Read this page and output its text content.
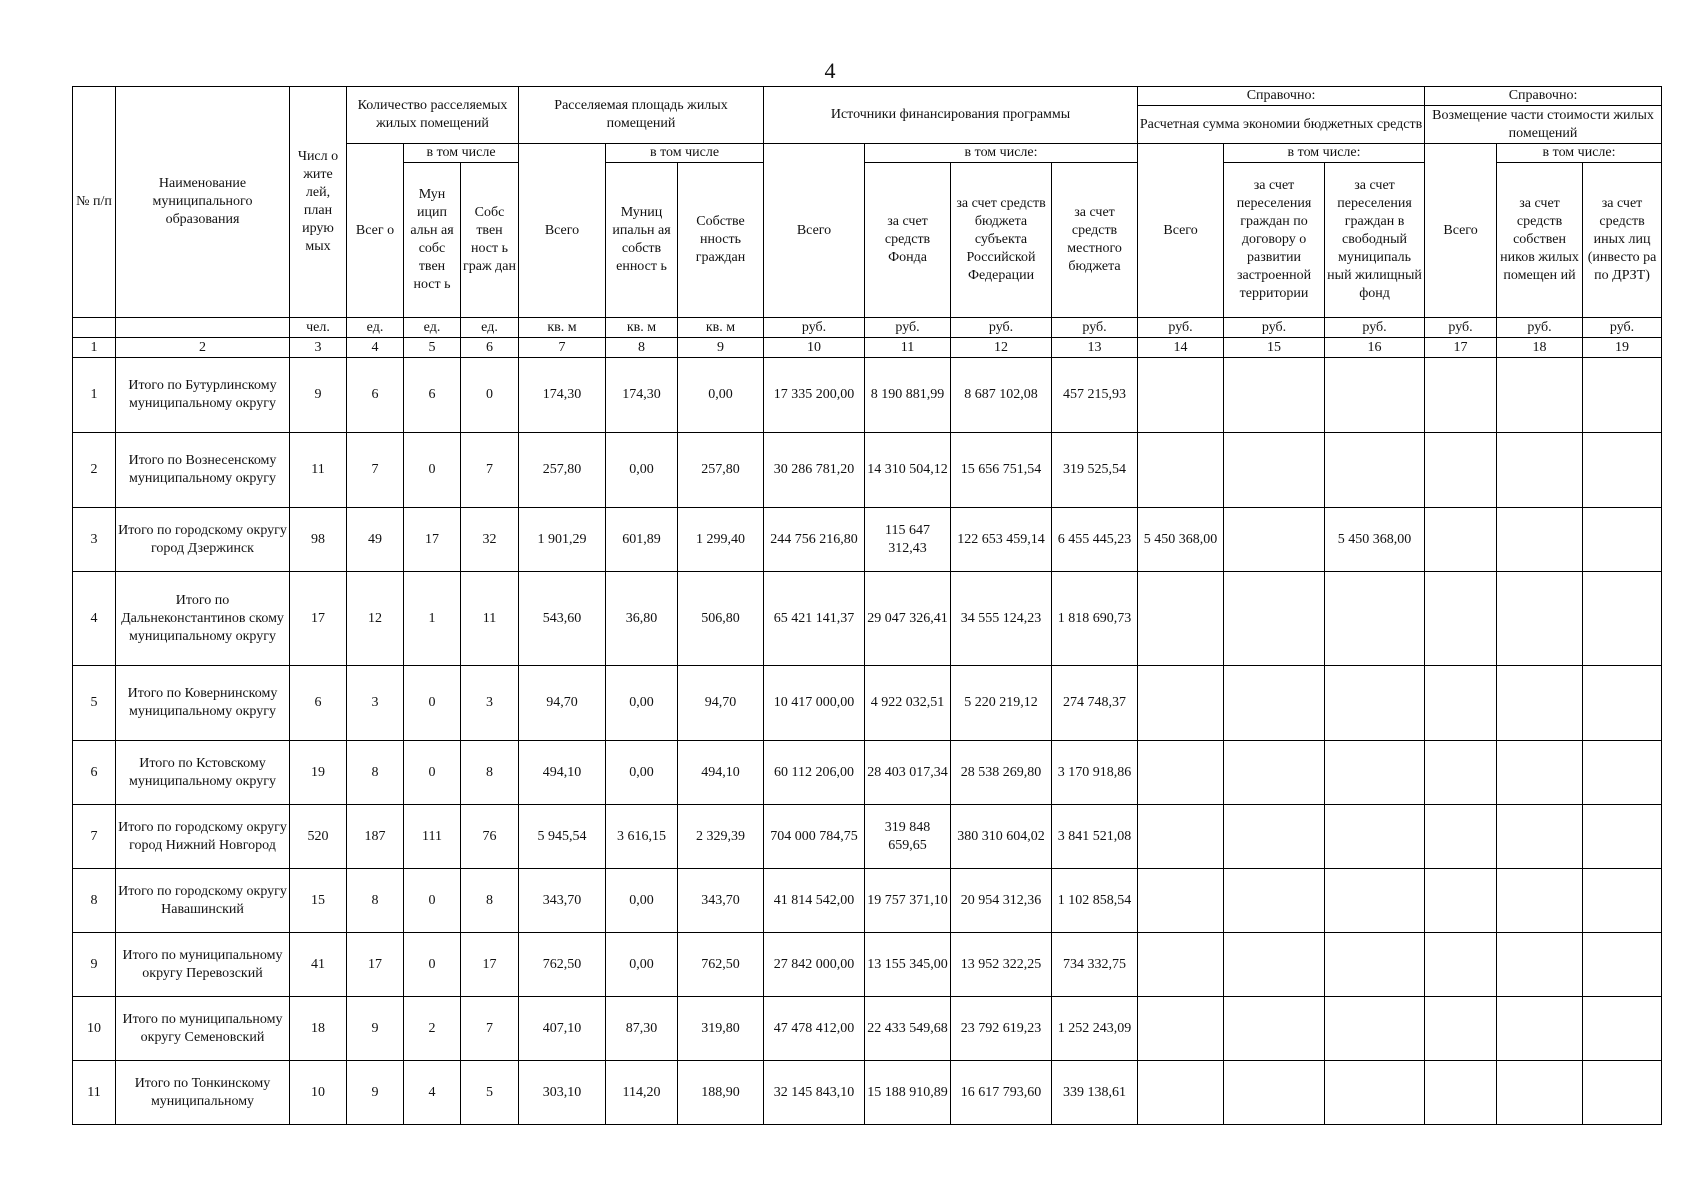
4
№ п/п	Наименование муниципального образования	Числ о жите лей, план ирую мых	Количество расселяемых жилых помещений			Расселяемая площадь жилых помещений			Источники финансирования программы				Справочно:			Справочно:		
													Расчетная сумма экономии бюджетных средств			Возмещение части стоимости жилых помещений		
			Всег о	в том числе		Всего	в том числе		Всего	в том числе:			Всего	в том числе:		Всего	в том числе:	
				Мун ицип альн ая собс твен ност ь	Собс твен ност ь граж дан		Муниц ипальн ая собств енност ь	Собстве нность граждан		за счет средств Фонда	за счет средств бюджета субъекта Российской Федерации	за счет средств местного бюджета		за счет переселения граждан по договору о развитии застроенной территории	за счет переселения граждан в свободный муниципаль ный жилищный фонд		за счет средств собствен ников жилых помещен ий	за счет средств иных лиц (инвесто ра по ДРЗТ)
		чел.	ед.	ед.	ед.	кв. м	кв. м	кв. м	руб.	руб.	руб.	руб.	руб.	руб.	руб.	руб.	руб.	руб.
1	2	3	4	5	6	7	8	9	10	11	12	13	14	15	16	17	18	19
1	Итого по Бутурлинскому муниципальному округу	9	6	6	0	174,30	174,30	0,00	17 335 200,00	8 190 881,99	8 687 102,08	457 215,93						
2	Итого по Вознесенскому муниципальному округу	11	7	0	7	257,80	0,00	257,80	30 286 781,20	14 310 504,12	15 656 751,54	319 525,54						
3	Итого по городскому округу город Дзержинск	98	49	17	32	1 901,29	601,89	1 299,40	244 756 216,80	115 647 312,43	122 653 459,14	6 455 445,23	5 450 368,00		5 450 368,00			
4	Итого по Дальнеконстантинов скому муниципальному округу	17	12	1	11	543,60	36,80	506,80	65 421 141,37	29 047 326,41	34 555 124,23	1 818 690,73						
5	Итого по Ковернинскому муниципальному округу	6	3	0	3	94,70	0,00	94,70	10 417 000,00	4 922 032,51	5 220 219,12	274 748,37						
6	Итого по Кстовскому муниципальному округу	19	8	0	8	494,10	0,00	494,10	60 112 206,00	28 403 017,34	28 538 269,80	3 170 918,86						
7	Итого по городскому округу город Нижний Новгород	520	187	111	76	5 945,54	3 616,15	2 329,39	704 000 784,75	319 848 659,65	380 310 604,02	3 841 521,08						
8	Итого по городскому округу Навашинский	15	8	0	8	343,70	0,00	343,70	41 814 542,00	19 757 371,10	20 954 312,36	1 102 858,54						
9	Итого по муниципальному округу Перевозский	41	17	0	17	762,50	0,00	762,50	27 842 000,00	13 155 345,00	13 952 322,25	734 332,75						
10	Итого по муниципальному округу Семеновский	18	9	2	7	407,10	87,30	319,80	47 478 412,00	22 433 549,68	23 792 619,23	1 252 243,09						
11	Итого по Тонкинскому муниципальному	10	9	4	5	303,10	114,20	188,90	32 145 843,10	15 188 910,89	16 617 793,60	339 138,61						
